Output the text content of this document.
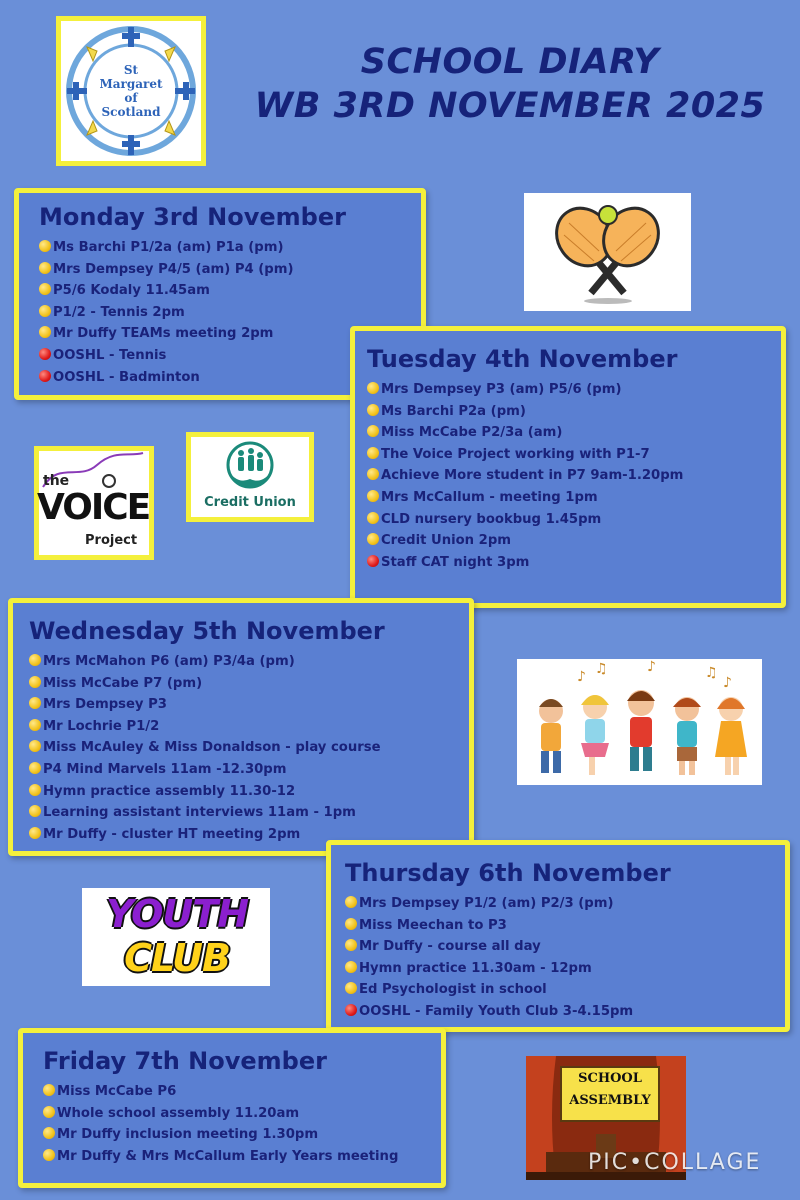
St
Margaret
of
Scotland
SCHOOL DIARY
WB 3RD NOVEMBER 2025
Monday 3rd November
Ms Barchi P1/2a (am) P1a (pm)
Mrs Dempsey P4/5 (am) P4 (pm)
P5/6 Kodaly 11.45am
P1/2 - Tennis 2pm
Mr Duffy TEAMs meeting 2pm
OOSHL - Tennis
OOSHL - Badminton
Tuesday 4th November
Mrs Dempsey P3 (am) P5/6 (pm)
Ms Barchi P2a (pm)
Miss McCabe P2/3a (am)
The Voice Project working with P1-7
Achieve More student in P7 9am-1.20pm
Mrs McCallum - meeting 1pm
CLD nursery bookbug 1.45pm
Credit Union 2pm
Staff CAT night 3pm
the
VOICE
Project
Credit Union
Wednesday 5th November
Mrs McMahon P6 (am) P3/4a (pm)
Miss McCabe P7 (pm)
Mrs Dempsey P3
Mr Lochrie P1/2
Miss McAuley & Miss Donaldson - play course
P4 Mind Marvels 11am -12.30pm
Hymn practice assembly 11.30-12
Learning assistant interviews 11am - 1pm
Mr Duffy - cluster HT meeting 2pm
♪ ♫	♪	♫
♪
Thursday 6th November
Mrs Dempsey P1/2 (am) P2/3 (pm)
Miss Meechan to P3
Mr Duffy - course all day
Hymn practice 11.30am - 12pm
Ed Psychologist in school
OOSHL - Family Youth Club 3-4.15pm
YOUTH
CLUB
Friday 7th November
Miss McCabe P6
Whole school assembly 11.20am
Mr Duffy inclusion meeting 1.30pm
Mr Duffy & Mrs McCallum Early Years meeting
SCHOOL
ASSEMBLY
PIC•COLLAGE
